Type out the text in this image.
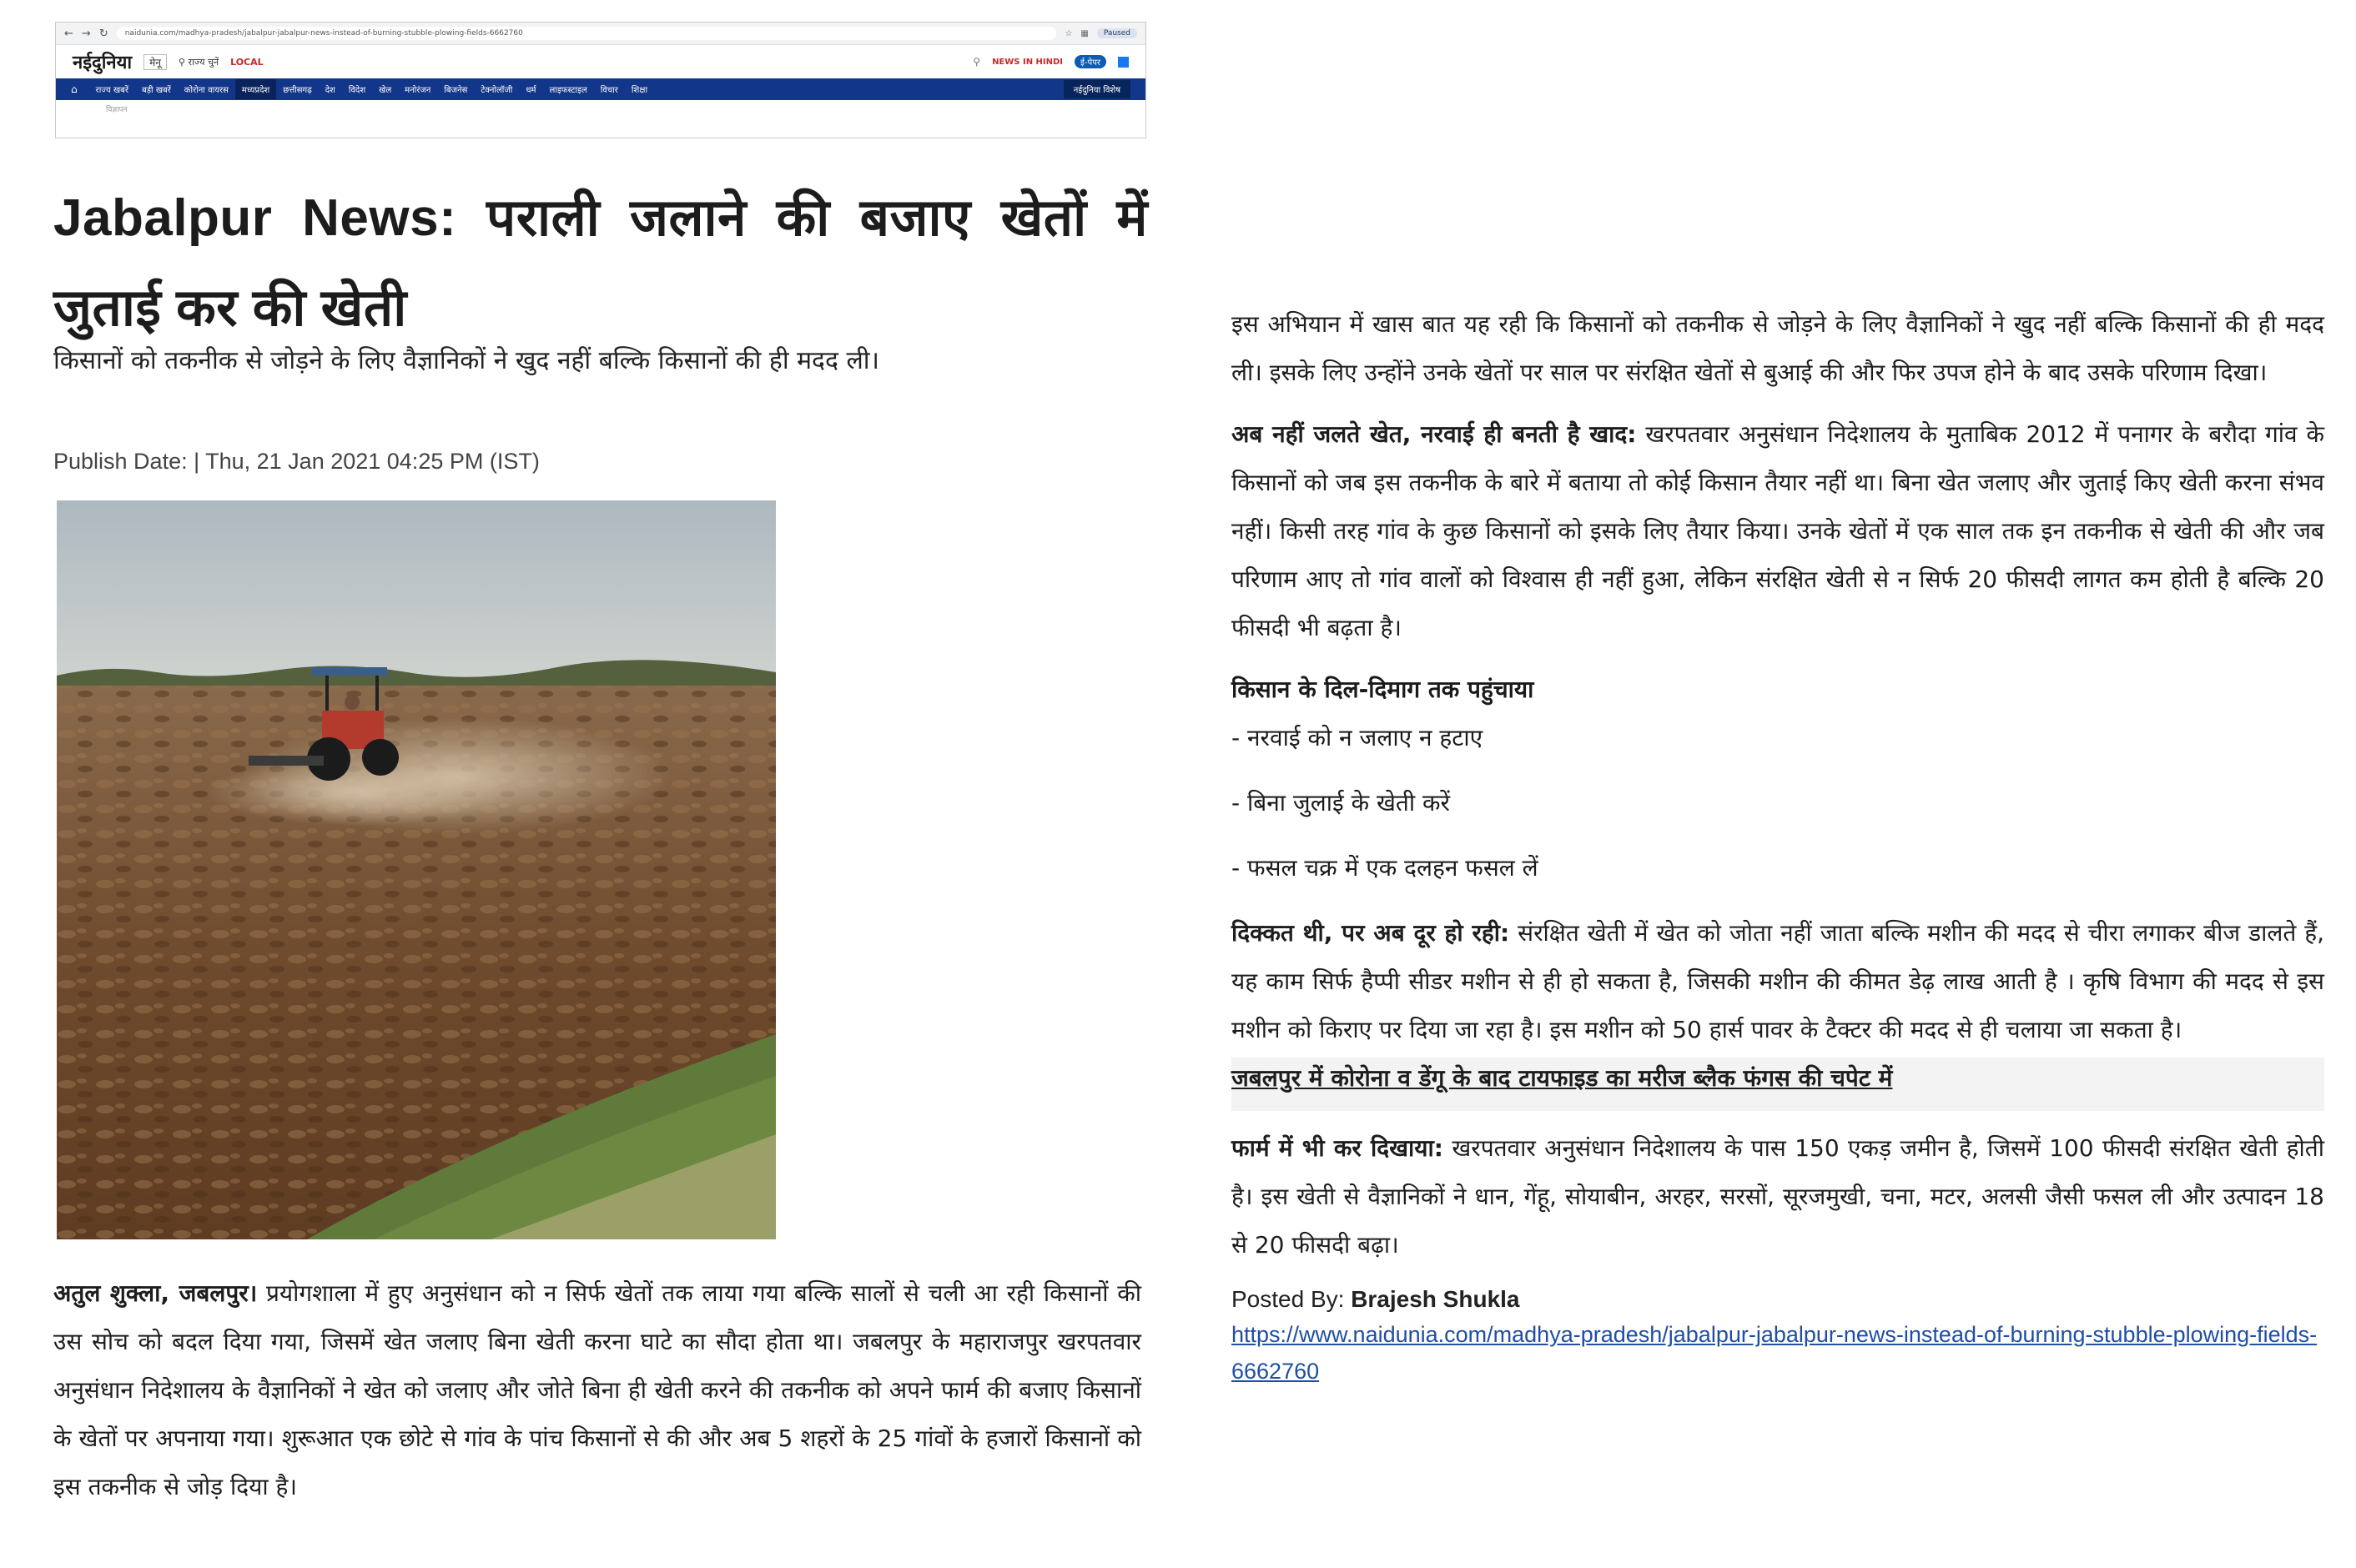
← → ↻	naidunia.com/madhya-pradesh/jabalpur-jabalpur-news-instead-of-burning-stubble-plowing-fields-6662760	☆ ▦	Paused
नईदुनिया	मेनू	⚲ राज्य चुनें LOCAL	⚲ NEWS IN HINDI	ई-पेपर
⌂	राज्य खबरें	बड़ी खबरें	कोरोना वायरस	मध्यप्रदेश	छत्तीसगढ़	देश	विदेश	खेल	मनोरंजन	बिजनेस	टेक्नोलॉजी	धर्म	लाइफस्टाइल	विचार	शिक्षा	नईदुनिया विशेष
विज्ञापन
Jabalpur News: पराली जलाने की बजाए खेतों में जुताई कर की खेती

किसानों को तकनीक से जोड़ने के लिए वैज्ञानिकों ने खुद नहीं बल्कि किसानों की ही मदद ली।

Publish Date: | Thu, 21 Jan 2021 04:25 PM (IST)

अतुल शुक्ला, जबलपुर। प्रयोगशाला में हुए अनुसंधान को न सिर्फ खेतों तक लाया गया बल्कि सालों से चली आ रही किसानों की उस सोच को बदल दिया गया, जिसमें खेत जलाए बिना खेती करना घाटे का सौदा होता था। जबलपुर के महाराजपुर खरपतवार अनुसंधान निदेशालय के वैज्ञानिकों ने खेत को जलाए और जोते बिना ही खेती करने की तकनीक को अपने फार्म की बजाए किसानों के खेतों पर अपनाया गया। शुरूआत एक छोटे से गांव के पांच किसानों से की और अब 5 शहरों के 25 गांवों के हजारों किसानों को इस तकनीक से जोड़ दिया है।

इस अभियान में खास बात यह रही कि किसानों को तकनीक से जोड़ने के लिए वैज्ञानिकों ने खुद नहीं बल्कि किसानों की ही मदद ली। इसके लिए उन्होंने उनके खेतों पर साल पर संरक्षित खेतों से बुआई की और फिर उपज होने के बाद उसके परिणाम दिखा।

अब नहीं जलते खेत, नरवाई ही बनती है खाद: खरपतवार अनुसंधान निदेशालय के मुताबिक 2012 में पनागर के बरौदा गांव के किसानों को जब इस तकनीक के बारे में बताया तो कोई किसान तैयार नहीं था। बिना खेत जलाए और जुताई किए खेती करना संभव नहीं। किसी तरह गांव के कुछ किसानों को इसके लिए तैयार किया। उनके खेतों में एक साल तक इन तकनीक से खेती की और जब परिणाम आए तो गांव वालों को विश्वास ही नहीं हुआ, लेकिन संरक्षित खेती से न सिर्फ 20 फीसदी लागत कम होती है बल्कि 20 फीसदी भी बढ़ता है।

किसान के दिल-दिमाग तक पहुंचाया

- नरवाई को न जलाए न हटाए

- बिना जुलाई के खेती करें

- फसल चक्र में एक दलहन फसल लें

दिक्कत थी, पर अब दूर हो रही: संरक्षित खेती में खेत को जोता नहीं जाता बल्कि मशीन की मदद से चीरा लगाकर बीज डालते हैं, यह काम सिर्फ हैप्पी सीडर मशीन से ही हो सकता है, जिसकी मशीन की कीमत डेढ़ लाख आती है । कृषि विभाग की मदद से इस मशीन को किराए पर दिया जा रहा है। इस मशीन को 50 हार्स पावर के टैक्टर की मदद से ही चलाया जा सकता है।

जबलपुर में कोरोना व डेंगू के बाद टायफाइड का मरीज ब्लैक फंगस की चपेट में

फार्म में भी कर दिखाया: खरपतवार अनुसंधान निदेशालय के पास 150 एकड़ जमीन है, जिसमें 100 फीसदी संरक्षित खेती होती है। इस खेती से वैज्ञानिकों ने धान, गेंहू, सोयाबीन, अरहर, सरसों, सूरजमुखी, चना, मटर, अलसी जैसी फसल ली और उत्पादन 18 से 20 फीसदी बढ़ा।

Posted By: Brajesh Shukla

https://www.naidunia.com/madhya-pradesh/jabalpur-jabalpur-news-instead-of-burning-stubble-plowing-fields-6662760
